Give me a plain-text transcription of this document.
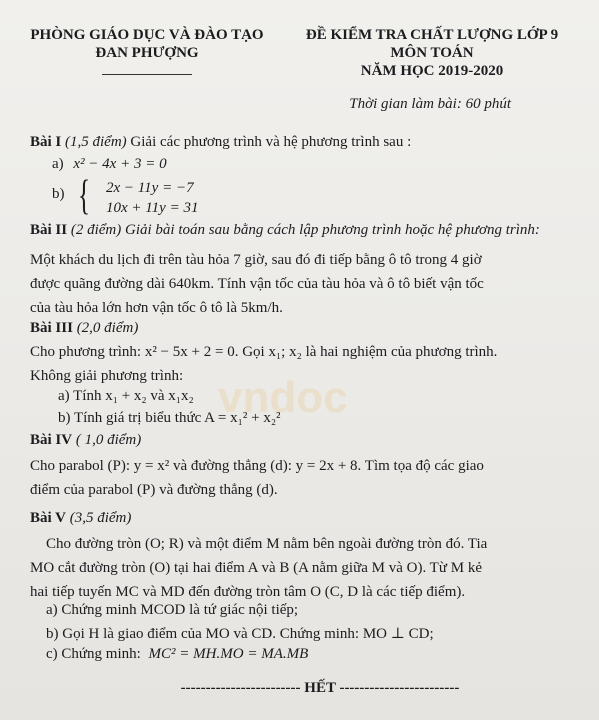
PHÒNG GIÁO DỤC VÀ ĐÀO TẠO
ĐAN PHƯỢNG
ĐỀ KIỂM TRA CHẤT LƯỢNG LỚP 9
MÔN TOÁN
NĂM HỌC 2019-2020
Thời gian làm bài: 60 phút
vndoc
Bài I (1,5 điểm) Giải các phương trình và hệ phương trình sau :
a) x² − 4x + 3 = 0
b) { 2x − 11y = −7
10x + 11y = 31
Bài II (2 điểm) Giải bài toán sau bằng cách lập phương trình hoặc hệ phương trình:
Một khách du lịch đi trên tàu hỏa 7 giờ, sau đó đi tiếp bằng ô tô trong 4 giờ
được quãng đường dài 640km. Tính vận tốc của tàu hỏa và ô tô biết vận tốc
của tàu hỏa lớn hơn vận tốc ô tô là 5km/h.
Bài III (2,0 điểm)
Cho phương trình: x² − 5x + 2 = 0. Gọi x₁; x₂ là hai nghiệm của phương trình.
Không giải phương trình:
a) Tính x₁ + x₂ và x₁x₂
b) Tính giá trị biểu thức A = x₁² + x₂²
Bài IV ( 1,0 điểm)
Cho parabol (P): y = x² và đường thẳng (d): y = 2x + 8. Tìm tọa độ các giao
điểm của parabol (P) và đường thẳng (d).
Bài V (3,5 điểm)
Cho đường tròn (O; R) và một điểm M nằm bên ngoài đường tròn đó. Tia
MO cắt đường tròn (O) tại hai điểm A và B (A nằm giữa M và O). Từ M kẻ
hai tiếp tuyến MC và MD đến đường tròn tâm O (C, D là các tiếp điểm).
a) Chứng minh MCOD là tứ giác nội tiếp;
b) Gọi H là giao điểm của MO và CD. Chứng minh: MO ⊥ CD;
c) Chứng minh: MC² = MH.MO = MA.MB
------------------------ HẾT ------------------------
